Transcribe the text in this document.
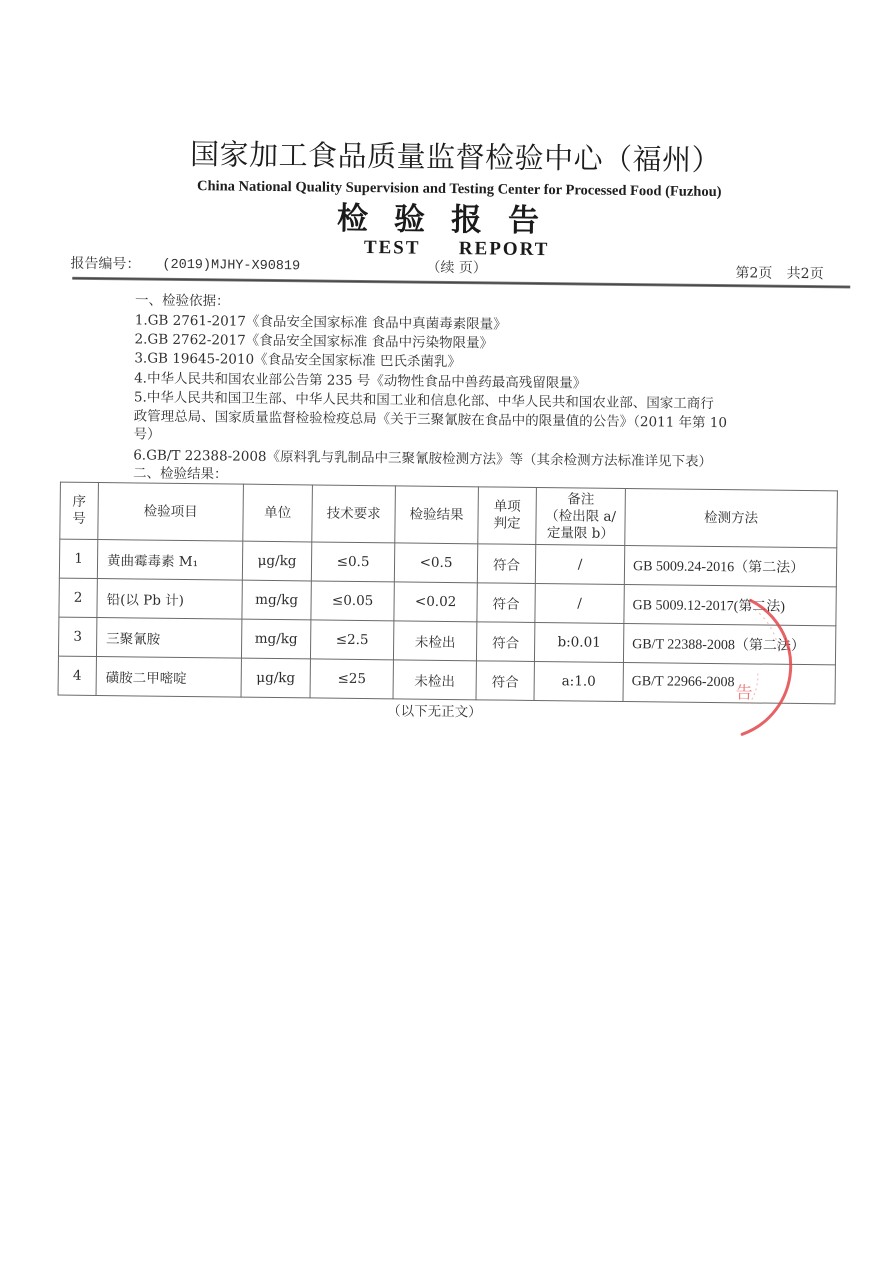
国家加工食品质量监督检验中心（福州）
China National Quality Supervision and Testing Center for Processed Food (Fuzhou)
检验报告
TEST REPORT
报告编号： (2019)MJHY-X90819	（续 页）	第2页 共2页
一、检验依据：
1.GB 2761-2017《食品安全国家标准 食品中真菌毒素限量》
2.GB 2762-2017《食品安全国家标准 食品中污染物限量》
3.GB 19645-2010《食品安全国家标准 巴氏杀菌乳》
4.中华人民共和国农业部公告第 235 号《动物性食品中兽药最高残留限量》
5.中华人民共和国卫生部、中华人民共和国工业和信息化部、中华人民共和国农业部、国家工商行
政管理总局、国家质量监督检验检疫总局《关于三聚氰胺在食品中的限量值的公告》（2011 年第 10
号）
6.GB/T 22388-2008《原料乳与乳制品中三聚氰胺检测方法》等（其余检测方法标准详见下表）
二、检验结果：
序
号	检验项目	单位	技术要求	检验结果	单项
判定	备注
（检出限 a/
定量限 b）	检测方法

1	黄曲霉毒素 M₁	μg/kg	≤0.5	<0.5	符合	/	GB 5009.24-2016（第二法）
2	铅(以 Pb 计)	mg/kg	≤0.05	<0.02	符合	/	GB 5009.12-2017(第二法)
3	三聚氰胺	mg/kg	≤2.5	未检出	符合	b:0.01	GB/T 22388-2008（第二法）
4	磺胺二甲嘧啶	μg/kg	≤25	未检出	符合	a:1.0	GB/T 22966-2008
（以下无正文）
告
